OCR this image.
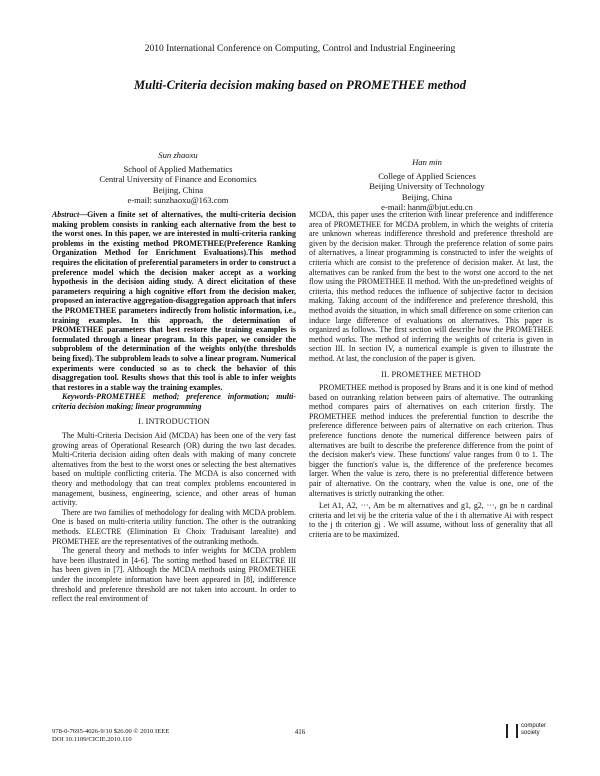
2010 International Conference on Computing, Control and Industrial Engineering
Multi-Criteria decision making based on PROMETHEE method
Sun zhaoxu
School of Applied Mathematics
Central University of Finance and Economics
Beijing, China
e-mail: sunzhaoxu@163.com
Han min
College of Applied Sciences
Beijing University of Technology
Beijing, China
e-mail: hanm@bjut.edu.cn

Abstract—Given a finite set of alternatives, the multi-criteria decision making problem consists in ranking each alternative from the best to the worst ones. In this paper, we are interested in multi-criteria ranking problems in the existing method PROMETHEE(Preference Ranking Organization Method for Enrichment Evaluations).This method requires the elicitation of preferential parameters in order to construct a preference model which the decision maker accept as a working hypothesis in the decision aiding study. A direct elicitation of these parameters requiring a high cognitive effort from the decision maker, proposed an interactive aggregation-disaggregation approach that infers the PROMETHEE parameters indirectly from holistic information, i.e., training examples. In this approach, the determination of PROMETHEE parameters that best restore the training examples is formulated through a linear program. In this paper, we consider the subproblem of the determination of the weights only(the thresholds being fixed). The subproblem leads to solve a linear program. Numerical experiments were conducted so as to check the behavior of this disaggregation tool. Results shows that this tool is able to infer weights that restores in a stable way the training examples.

Keywords-PROMETHEE method; preference information; multi-criteria decision making; linear programming

I. INTRODUCTION

The Multi-Criteria Decision Aid (MCDA) has been one of the very fast growing areas of Operational Research (OR) during the two last decades. Multi-Criteria decision aiding often deals with making of many concrete alternatives from the best to the worst ones or selecting the best alternatives based on multiple conflicting criteria. The MCDA is also concerned with theory and methodology that can treat complex problems encountered in management, business, engineering, science, and other areas of human activity.

There are two families of methodology for dealing with MCDA problem. One is based on multi-criteria utility function. The other is the outranking methods. ELECTRE (Elimination Et Choix Traduisant larealite) and PROMETHEE are the representatives of the outranking methods.

The general theory and methods to infer weights for MCDA problem have been illustrated in [4-6]. The sorting method based on ELECTRE III has been given in [7]. Although the MCDA methods using PROMETHEE under the incomplete information have been appeared in [8], indifference threshold and preference threshold are not taken into account. In order to reflect the real environment of

MCDA, this paper uses the criterion with linear preference and indifference area of PROMETHEE for MCDA problem, in which the weights of criteria are unknown whereas indifference threshold and preference threshold are given by the decision maker. Through the preference relation of some pairs of alternatives, a linear programming is constructed to infer the weights of criteria which are consist to the preference of decision maker. At last, the alternatives can be ranked from the best to the worst one accord to the net flow using the PROMETHEE II method. With the un-predefined weights of criteria, this method reduces the influence of subjective factor to decision making. Taking account of the indifference and preference threshold, this method avoids the situation, in which small difference on some criterion can induce large difference of evaluations on alternatives. This paper is organized as follows. The first section will describe how the PROMETHEE method works. The method of inferring the weights of criteria is given in section III. In section IV, a numerical example is given to illustrate the method. At last, the conclusion of the paper is given.

II. PROMETHEE METHOD

PROMETHEE method is proposed by Brans and it is one kind of method based on outranking relation between pairs of alternative. The outranking method compares pairs of alternatives on each criterion firstly. The PROMETHEE method induces the preferential function to describe the preference difference between pairs of alternative on each criterion. Thus preference functions denote the numerical difference between pairs of alternatives are built to describe the preference difference from the point of the decision maker's view. These functions' value ranges from 0 to 1. The bigger the function's value is, the difference of the preference becomes larger. When the value is zero, there is no preferential difference between pair of alternative. On the contrary, when the value is one, one of the alternatives is strictly outranking the other.

Let A1, A2, ···, Am be m alternatives and g1, g2, ···, gn be n cardinal criteria and let vij be the criteria value of the i th alternative Ai with respect to the j th criterion gj . We will assume, without loss of generality that all criteria are to be maximized.

978-0-7695-4026-9/10 $26.00 © 2010 IEEE
DOI 10.1109/CICIE.2010.110
416
computer society
